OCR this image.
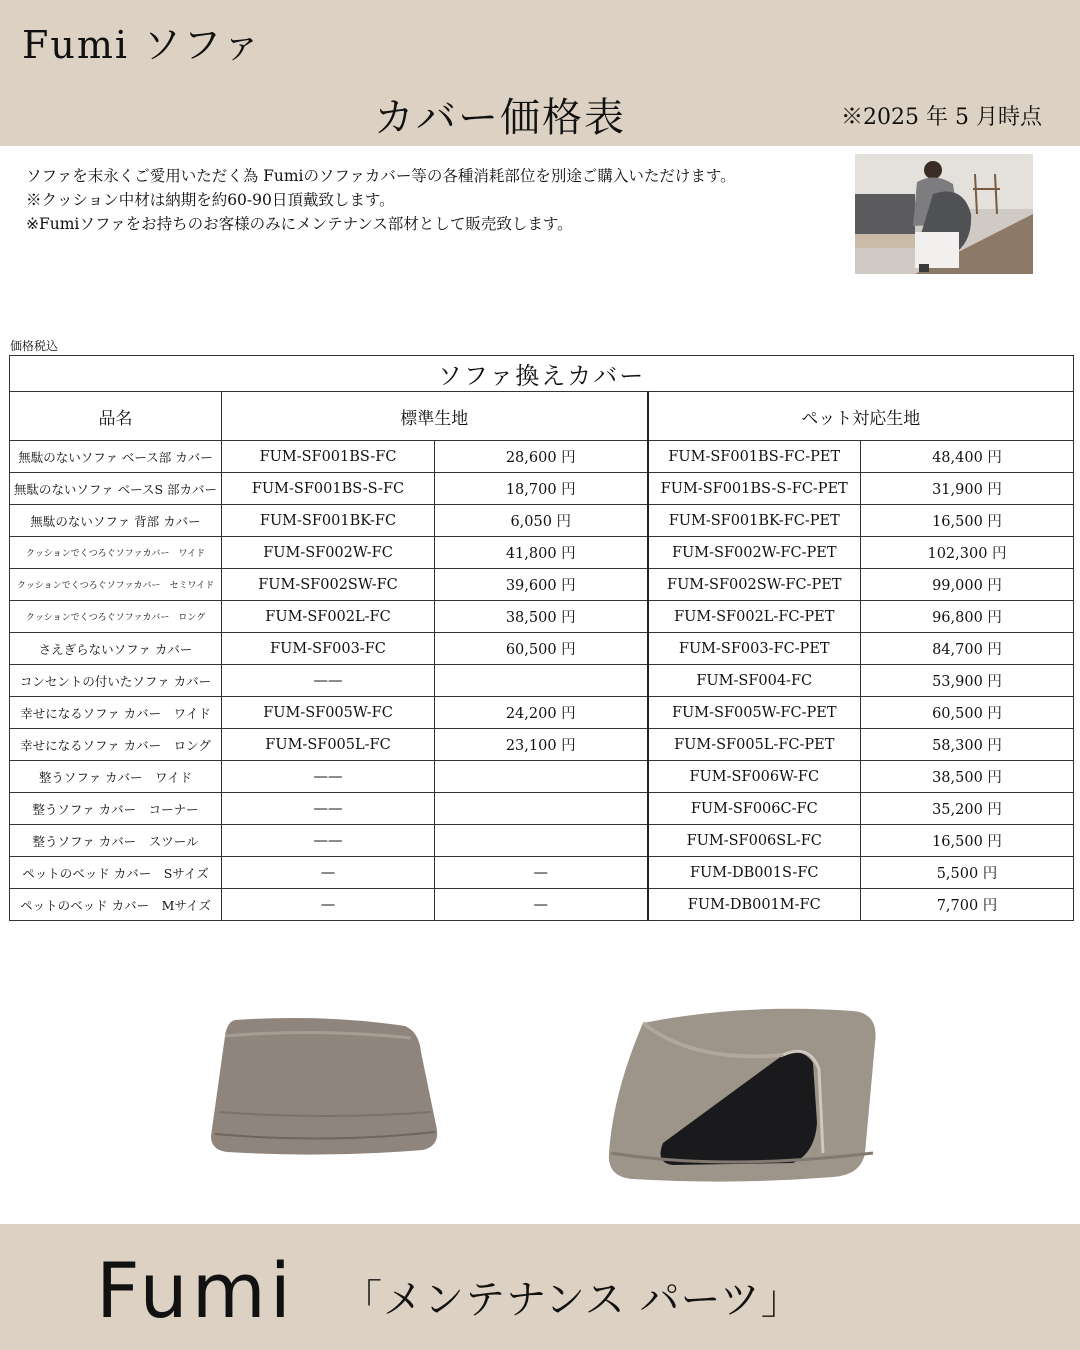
Fumi ソファ
カバー価格表	※2025 年 5 月時点
ソファを末永くご愛用いただく為 Fumiのソファカバー等の各種消耗部位を別途ご購入いただけます。
※クッション中材は納期を約60-90日頂戴致します。
※Fumiソファをお持ちのお客様のみにメンテナンス部材として販売致します。
価格税込
ソファ換えカバー				
品名	標準生地		ペット対応生地	
無駄のないソファ ベース部 カバー	FUM-SF001BS-FC	28,600 円	FUM-SF001BS-FC-PET	48,400 円
無駄のないソファ ベースS 部カバー	FUM-SF001BS-S-FC	18,700 円	FUM-SF001BS-S-FC-PET	31,900 円
無駄のないソファ 背部 カバー	FUM-SF001BK-FC	6,050 円	FUM-SF001BK-FC-PET	16,500 円
クッションでくつろぐソファカバー　ワイド	FUM-SF002W-FC	41,800 円	FUM-SF002W-FC-PET	102,300 円
クッションでくつろぐソファカバー　セミワイド	FUM-SF002SW-FC	39,600 円	FUM-SF002SW-FC-PET	99,000 円
クッションでくつろぐソファカバー　ロング	FUM-SF002L-FC	38,500 円	FUM-SF002L-FC-PET	96,800 円
さえぎらないソファ カバー	FUM-SF003-FC	60,500 円	FUM-SF003-FC-PET	84,700 円
コンセントの付いたソファ カバー	——		FUM-SF004-FC	53,900 円
幸せになるソファ カバー　ワイド	FUM-SF005W-FC	24,200 円	FUM-SF005W-FC-PET	60,500 円
幸せになるソファ カバー　ロング	FUM-SF005L-FC	23,100 円	FUM-SF005L-FC-PET	58,300 円
整うソファ カバー　ワイド	——		FUM-SF006W-FC	38,500 円
整うソファ カバー　コーナー	——		FUM-SF006C-FC	35,200 円
整うソファ カバー　スツール	——		FUM-SF006SL-FC	16,500 円
ペットのベッド カバー　Sサイズ	—	—	FUM-DB001S-FC	5,500 円
ペットのベッド カバー　Mサイズ	—	—	FUM-DB001M-FC	7,700 円
Fumi 「メンテナンス パーツ」
